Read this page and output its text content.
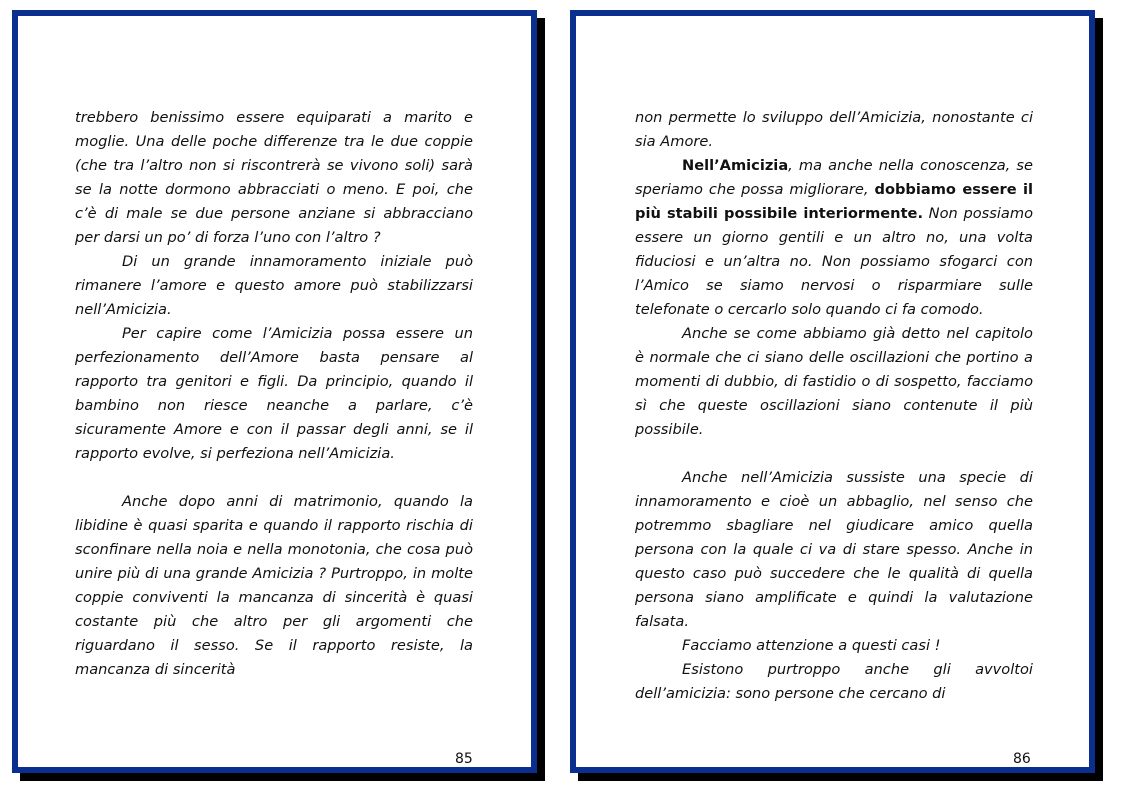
trebbero benissimo essere equiparati a marito e moglie. Una delle poche differenze tra le due coppie (che tra l’altro non si riscontrerà se vivono soli) sarà se la notte dormono abbracciati o meno. E poi, che c’è di male se due persone anziane si abbracciano per darsi un po’ di forza l’uno con l’altro ?

Di un grande innamoramento iniziale può rimanere l’amore e questo amore può stabilizzarsi nell’Amicizia.

Per capire come l’Amicizia possa essere un perfezionamento dell’Amore basta pensare al rapporto tra genitori e figli. Da principio, quando il bambino non riesce neanche a parlare, c’è sicuramente Amore e con il passar degli anni, se il rapporto evolve, si perfeziona nell’Amicizia.

Anche dopo anni di matrimonio, quando la libidine è quasi sparita e quando il rapporto rischia di sconfinare nella noia e nella monotonia, che cosa può unire più di una grande Amicizia ? Purtroppo, in molte coppie conviventi la mancanza di sincerità è quasi costante più che altro per gli argomenti che riguardano il sesso. Se il rapporto resiste, la mancanza di sincerità

85

non permette lo sviluppo dell’Amicizia, nonostante ci sia Amore.

Nell’Amicizia, ma anche nella conoscenza, se speriamo che possa migliorare, dobbiamo essere il più stabili possibile interiormente. Non possiamo essere un giorno gentili e un altro no, una volta fiduciosi e un’altra no. Non possiamo sfogarci con l’Amico se siamo nervosi o risparmiare sulle telefonate o cercarlo solo quando ci fa comodo.

Anche se come abbiamo già detto nel capitolo è normale che ci siano delle oscillazioni che portino a momenti di dubbio, di fastidio o di sospetto, facciamo sì che queste oscillazioni siano contenute il più possibile.

Anche nell’Amicizia sussiste una specie di innamoramento e cioè un abbaglio, nel senso che potremmo sbagliare nel giudicare amico quella persona con la quale ci va di stare spesso. Anche in questo caso può succedere che le qualità di quella persona siano amplificate e quindi la valutazione falsata.

Facciamo attenzione a questi casi !

Esistono purtroppo anche gli avvoltoi dell’amicizia: sono persone che cercano di

86
